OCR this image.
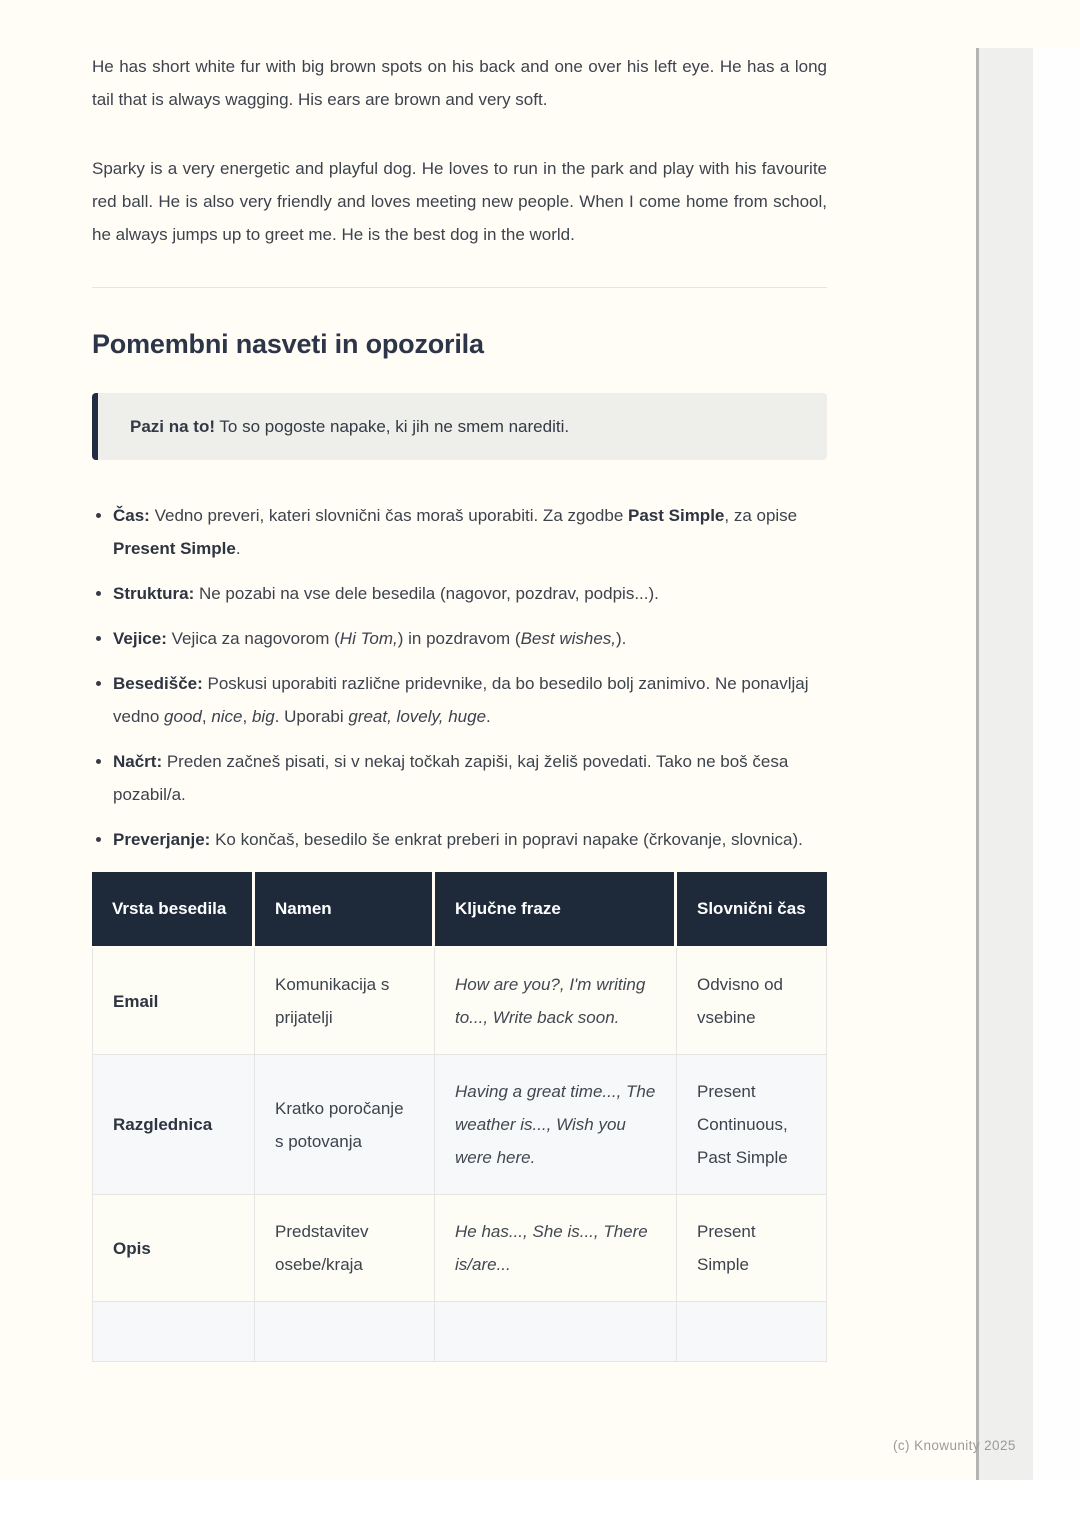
He has short white fur with big brown spots on his back and one over his left eye. He has a long tail that is always wagging. His ears are brown and very soft.

Sparky is a very energetic and playful dog. He loves to run in the park and play with his favourite red ball. He is also very friendly and loves meeting new people. When I come home from school, he always jumps up to greet me. He is the best dog in the world.

Pomembni nasveti in opozorila
Pazi na to! To so pogoste napake, ki jih ne smem narediti.
Čas: Vedno preveri, kateri slovnični čas moraš uporabiti. Za zgodbe Past Simple, za opise Present Simple.
Struktura: Ne pozabi na vse dele besedila (nagovor, pozdrav, podpis...).
Vejice: Vejica za nagovorom (Hi Tom,) in pozdravom (Best wishes,).
Besedišče: Poskusi uporabiti različne pridevnike, da bo besedilo bolj zanimivo. Ne ponavljaj vedno good, nice, big. Uporabi great, lovely, huge.
Načrt: Preden začneš pisati, si v nekaj točkah zapiši, kaj želiš povedati. Tako ne boš česa pozabil/a.
Preverjanje: Ko končaš, besedilo še enkrat preberi in popravi napake (črkovanje, slovnica).
Vrsta besedila	Namen	Ključne fraze	Slovnični čas
Email	Komunikacija s prijatelji	How are you?, I'm writing to..., Write back soon.	Odvisno od vsebine
Razglednica	Kratko poročanje s potovanja	Having a great time..., The weather is..., Wish you were here.	Present Continuous, Past Simple
Opis	Predstavitev osebe/kraja	He has..., She is..., There is/are...	Present Simple

(c) Knowunity 2025
